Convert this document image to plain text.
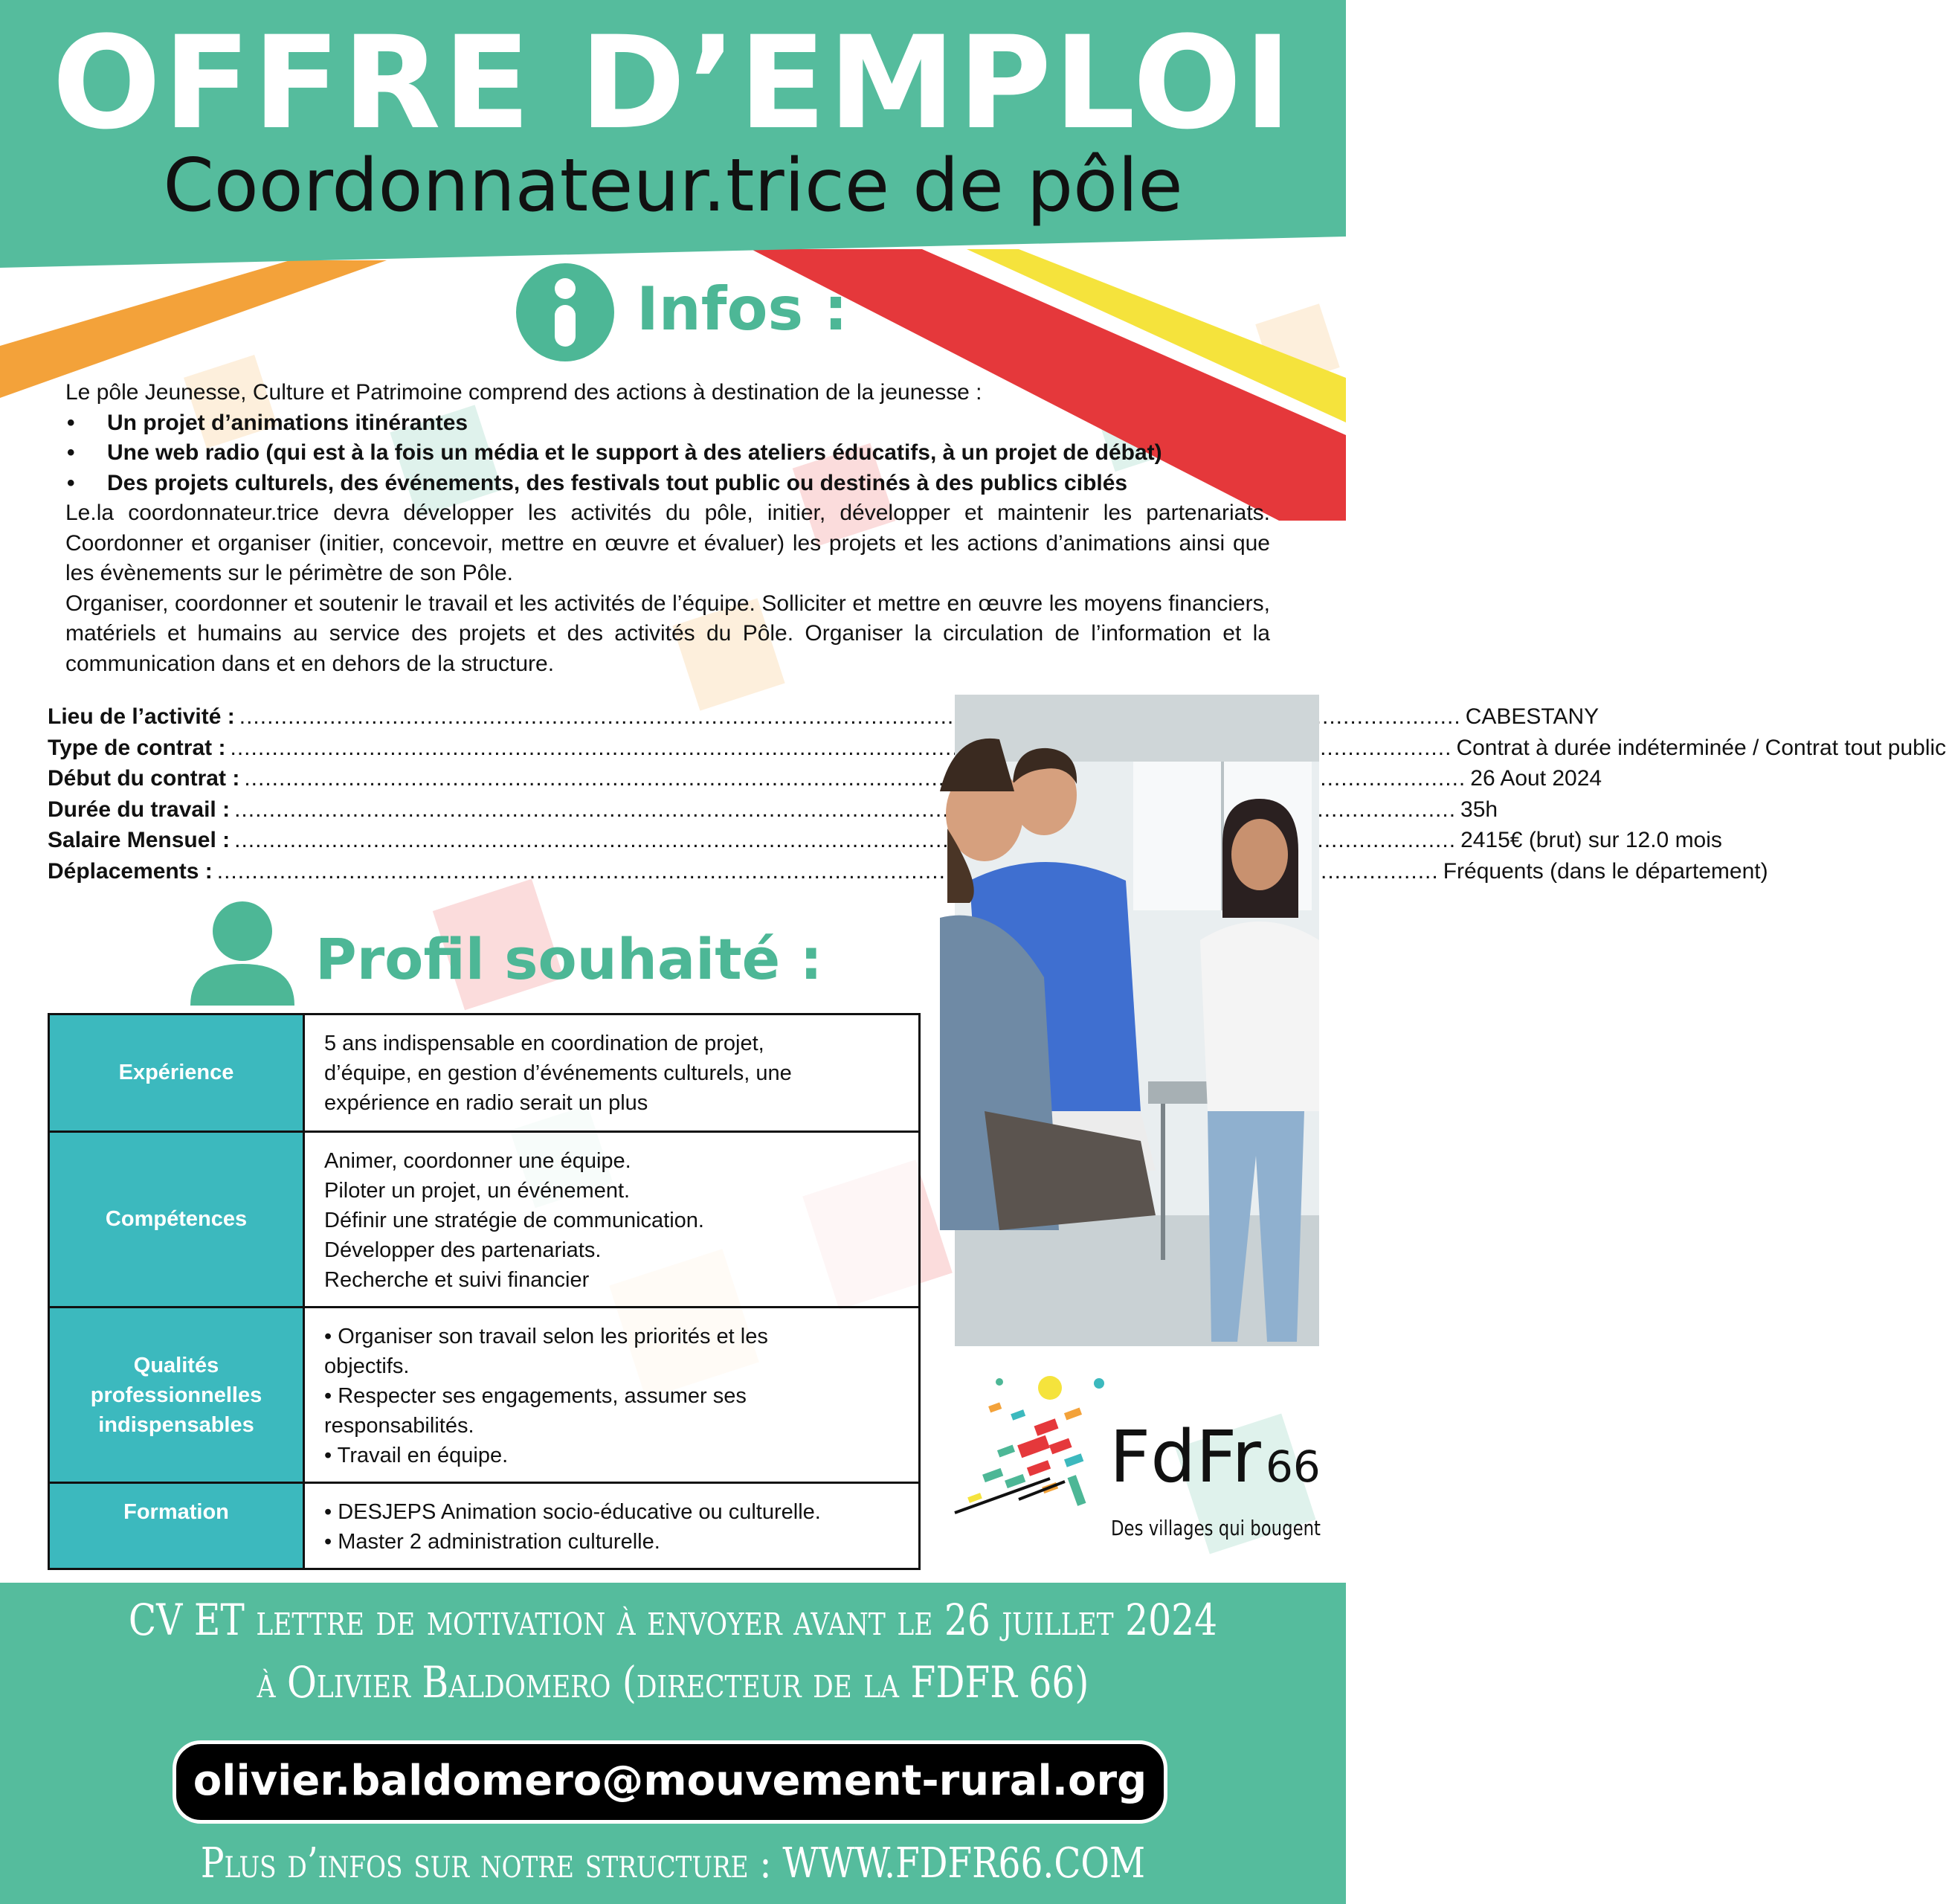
OFFRE D’EMPLOI
Coordonnateur.trice de pôle
Infos :

Le pôle Jeunesse, Culture et Patrimoine comprend des actions à destination de la jeunesse :

• Un projet d’animations itinérantes
• Une web radio (qui est à la fois un média et le support à des ateliers éducatifs, à un projet de débat)
• Des projets culturels, des événements, des festivals tout public ou destinés à des publics ciblés

Le.la coordonnateur.trice devra développer les activités du pôle, initier, développer et maintenir les partenariats. Coordonner et organiser (initier, concevoir, mettre en œuvre et évaluer) les projets et les actions d’animations ainsi que les évènements sur le périmètre de son Pôle.

Organiser, coordonner et soutenir le travail et les activités de l’équipe. Solliciter et mettre en œuvre les moyens financiers, matériels et humains au service des projets et des activités du Pôle. Organiser la circulation de l’information et la communication dans et en dehors de la structure.

Lieu de l’activité : .....	CABESTANY
Type de contrat : .....	Contrat à durée indéterminée / Contrat tout public
Début du contrat : .....	26 Aout 2024
Durée du travail : .....	35h
Salaire Mensuel : .....	2415€ (brut) sur 12.0 mois
Déplacements : .....	Fréquents (dans le département)
Profil souhaité :
Expérience	5 ans indispensable en coordination de projet,
d’équipe, en gestion d’événements culturels, une
expérience en radio serait un plus

Compétences	Animer, coordonner une équipe.
Piloter un projet, un événement.
Définir une stratégie de communication.
Développer des partenariats.
Recherche et suivi financier

Qualités professionnelles indispensables	• Organiser son travail selon les priorités et les
objectifs.
• Respecter ses engagements, assumer ses
responsabilités.
• Travail en équipe.

Formation	• DESJEPS Animation socio-éducative ou culturelle.
• Master 2 administration culturelle.
FdFr 66
Des villages qui bougent
CV ET lettre de motivation à envoyer avant le 26 juillet 2024
à Olivier Baldomero (directeur de la FDFR 66)
olivier.baldomero@mouvement-rural.org
Plus d’infos sur notre structure : WWW.FDFR66.COM
